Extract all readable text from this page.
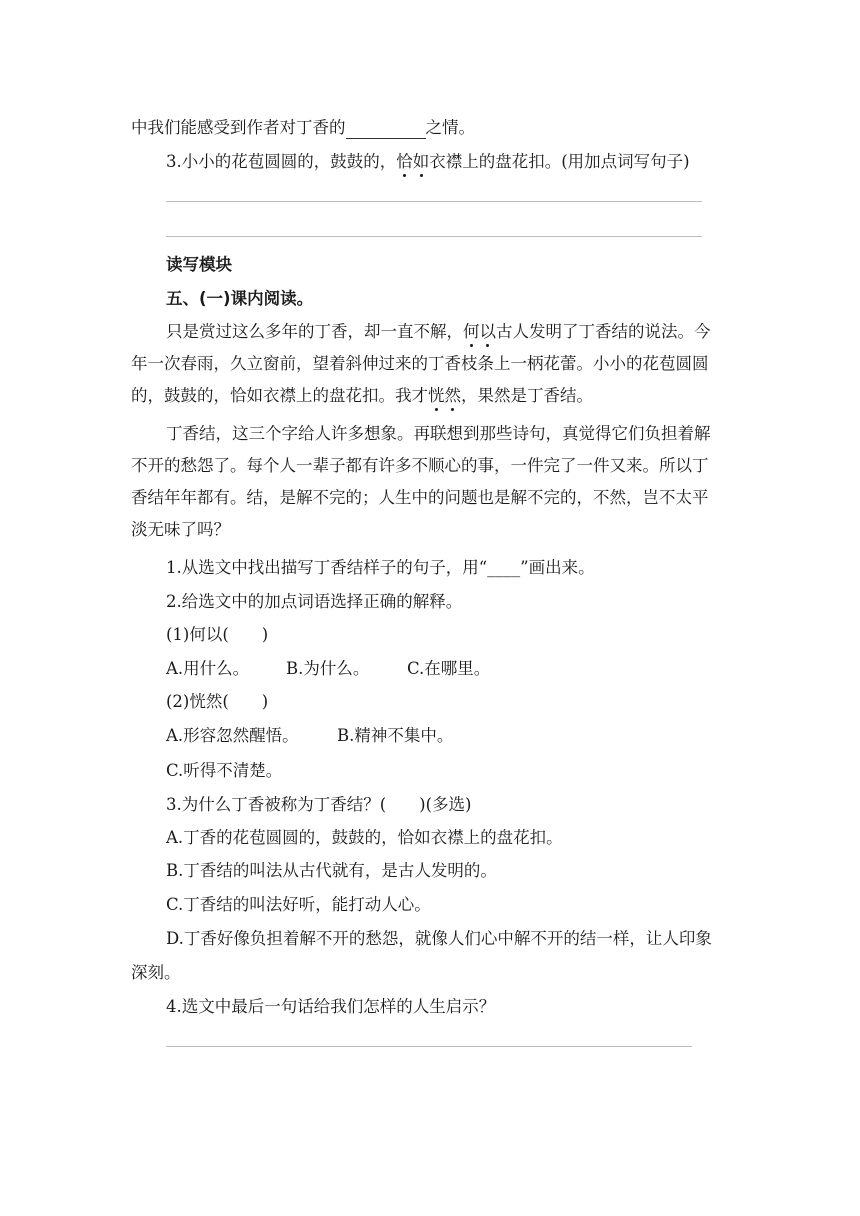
中我们能感受到作者对丁香的	之情。
3.小小的花苞圆圆的，鼓鼓的，恰如衣襟上的盘花扣。(用加点词写句子)
读写模块
五、(一)课内阅读。
只是赏过这么多年的丁香，却一直不解，何以古人发明了丁香结的说法。今
年一次春雨，久立窗前，望着斜伸过来的丁香枝条上一柄花蕾。小小的花苞圆圆
的，鼓鼓的，恰如衣襟上的盘花扣。我才恍然，果然是丁香结。
丁香结，这三个字给人许多想象。再联想到那些诗句，真觉得它们负担着解
不开的愁怨了。每个人一辈子都有许多不顺心的事，一件完了一件又来。所以丁
香结年年都有。结，是解不完的；人生中的问题也是解不完的，不然，岂不太平
淡无味了吗？
1.从选文中找出描写丁香结样子的句子，用“____”画出来。
2.给选文中的加点词语选择正确的解释。
(1)何以(　　)
A.用什么。 B.为什么。 C.在哪里。
(2)恍然(　　)
A.形容忽然醒悟。 B.精神不集中。
C.听得不清楚。
3.为什么丁香被称为丁香结？(　　)(多选)
A.丁香的花苞圆圆的，鼓鼓的，恰如衣襟上的盘花扣。
B.丁香结的叫法从古代就有，是古人发明的。
C.丁香结的叫法好听，能打动人心。
D.丁香好像负担着解不开的愁怨，就像人们心中解不开的结一样，让人印象
深刻。
4.选文中最后一句话给我们怎样的人生启示？
